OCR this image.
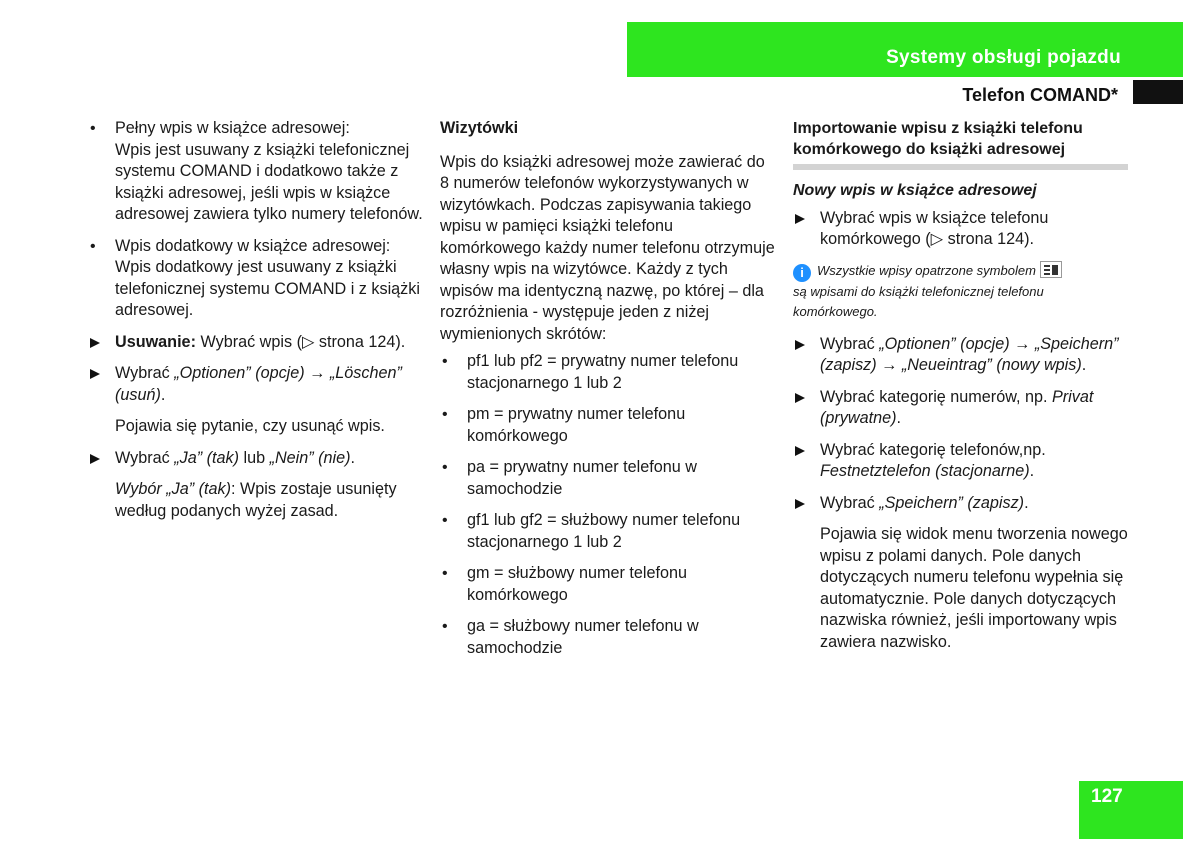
Systemy obsługi pojazdu
Telefon COMAND*
• Pełny wpis w książce adresowej:
Wpis jest usuwany z książki telefonicznej systemu COMAND i dodatkowo także z książki adresowej, jeśli wpis w książce adresowej zawiera tylko numery telefonów.
• Wpis dodatkowy w książce adresowej:
Wpis dodatkowy jest usuwany z książki telefonicznej systemu COMAND i z książki adresowej.
Usuwanie: Wybrać wpis (▷ strona 124).
Wybrać „Optionen” (opcje) → „Löschen” (usuń).
Pojawia się pytanie, czy usunąć wpis.
Wybrać „Ja” (tak) lub „Nein” (nie).
Wybór „Ja” (tak): Wpis zostaje usunięty według podanych wyżej zasad.
Wizytówki
Wpis do książki adresowej może zawierać do 8 numerów telefonów wykorzystywanych w wizytówkach. Podczas zapisywania takiego wpisu w pamięci książki telefonu komórkowego każdy numer telefonu otrzymuje własny wpis na wizytówce. Każdy z tych wpisów ma identyczną nazwę, po której – dla rozróżnienia - występuje jeden z niżej wymienionych skrótów:
• pf1 lub pf2 = prywatny numer telefonu stacjonarnego 1 lub 2
• pm = prywatny numer telefonu komórkowego
• pa = prywatny numer telefonu w samochodzie
• gf1 lub gf2 = służbowy numer telefonu stacjonarnego 1 lub 2
• gm = służbowy numer telefonu komórkowego
• ga = służbowy numer telefonu w samochodzie
Importowanie wpisu z książki telefonu komórkowego do książki adresowej
Nowy wpis w książce adresowej
Wybrać wpis w książce telefonu komórkowego (▷ strona 124).
i Wszystkie wpisy opatrzone symbolem
są wpisami do książki telefonicznej telefonu komórkowego.
Wybrać „Optionen” (opcje) → „Speichern” (zapisz) → „Neueintrag” (nowy wpis).
Wybrać kategorię numerów, np. Privat (prywatne).
Wybrać kategorię telefonów,np. Festnetztelefon (stacjonarne).
Wybrać „Speichern” (zapisz).
Pojawia się widok menu tworzenia nowego wpisu z polami danych. Pole danych dotyczących numeru telefonu wypełnia się automatycznie. Pole danych dotyczących nazwiska również, jeśli importowany wpis zawiera nazwisko.
127
